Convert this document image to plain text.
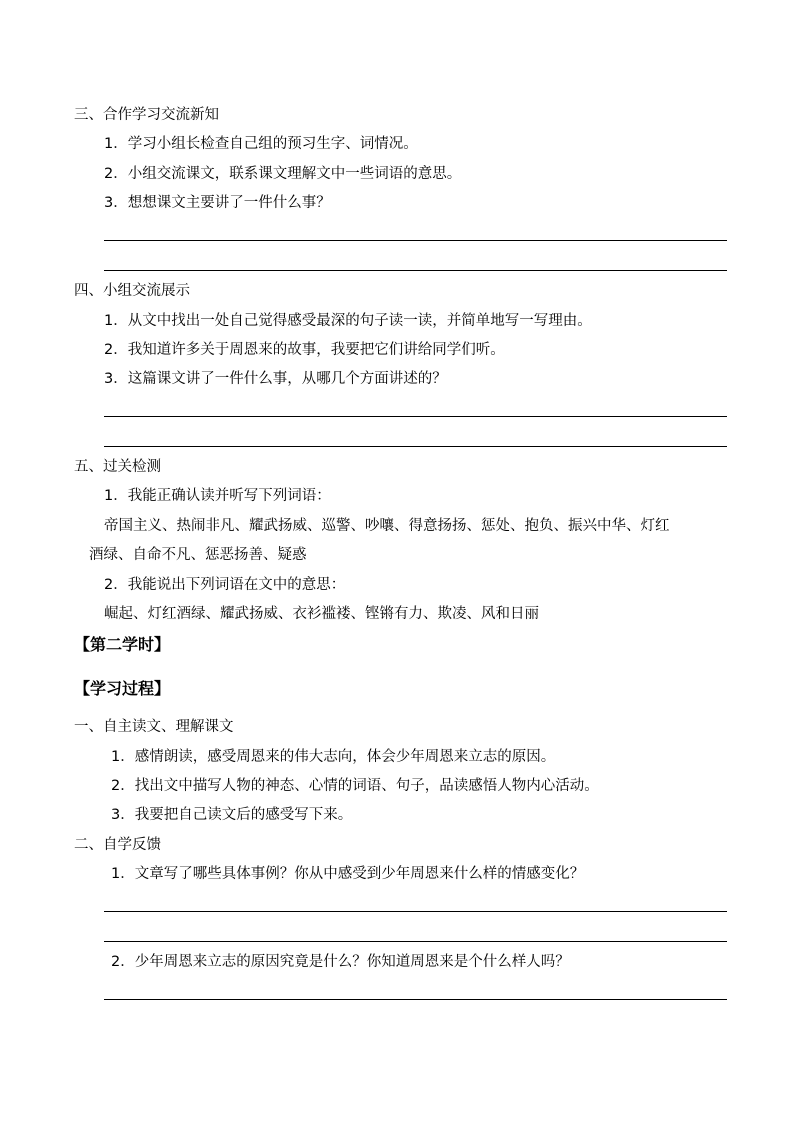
三、合作学习交流新知

1．学习小组长检查自己组的预习生字、词情况。

2．小组交流课文，联系课文理解文中一些词语的意思。

3．想想课文主要讲了一件什么事？

四、小组交流展示

1．从文中找出一处自己觉得感受最深的句子读一读，并简单地写一写理由。

2．我知道许多关于周恩来的故事，我要把它们讲给同学们听。

3．这篇课文讲了一件什么事，从哪几个方面讲述的？

五、过关检测

1．我能正确认读并听写下列词语：

帝国主义、热闹非凡、耀武扬威、巡警、吵嚷、得意扬扬、惩处、抱负、振兴中华、灯红

酒绿、自命不凡、惩恶扬善、疑惑

2．我能说出下列词语在文中的意思：

崛起、灯红酒绿、耀武扬威、衣衫褴褛、铿锵有力、欺凌、风和日丽

【第二学时】

【学习过程】

一、自主读文、理解课文

1．感情朗读，感受周恩来的伟大志向，体会少年周恩来立志的原因。

2．找出文中描写人物的神态、心情的词语、句子，品读感悟人物内心活动。

3．我要把自己读文后的感受写下来。

二、自学反馈

1．文章写了哪些具体事例？你从中感受到少年周恩来什么样的情感变化？

2．少年周恩来立志的原因究竟是什么？你知道周恩来是个什么样人吗？
